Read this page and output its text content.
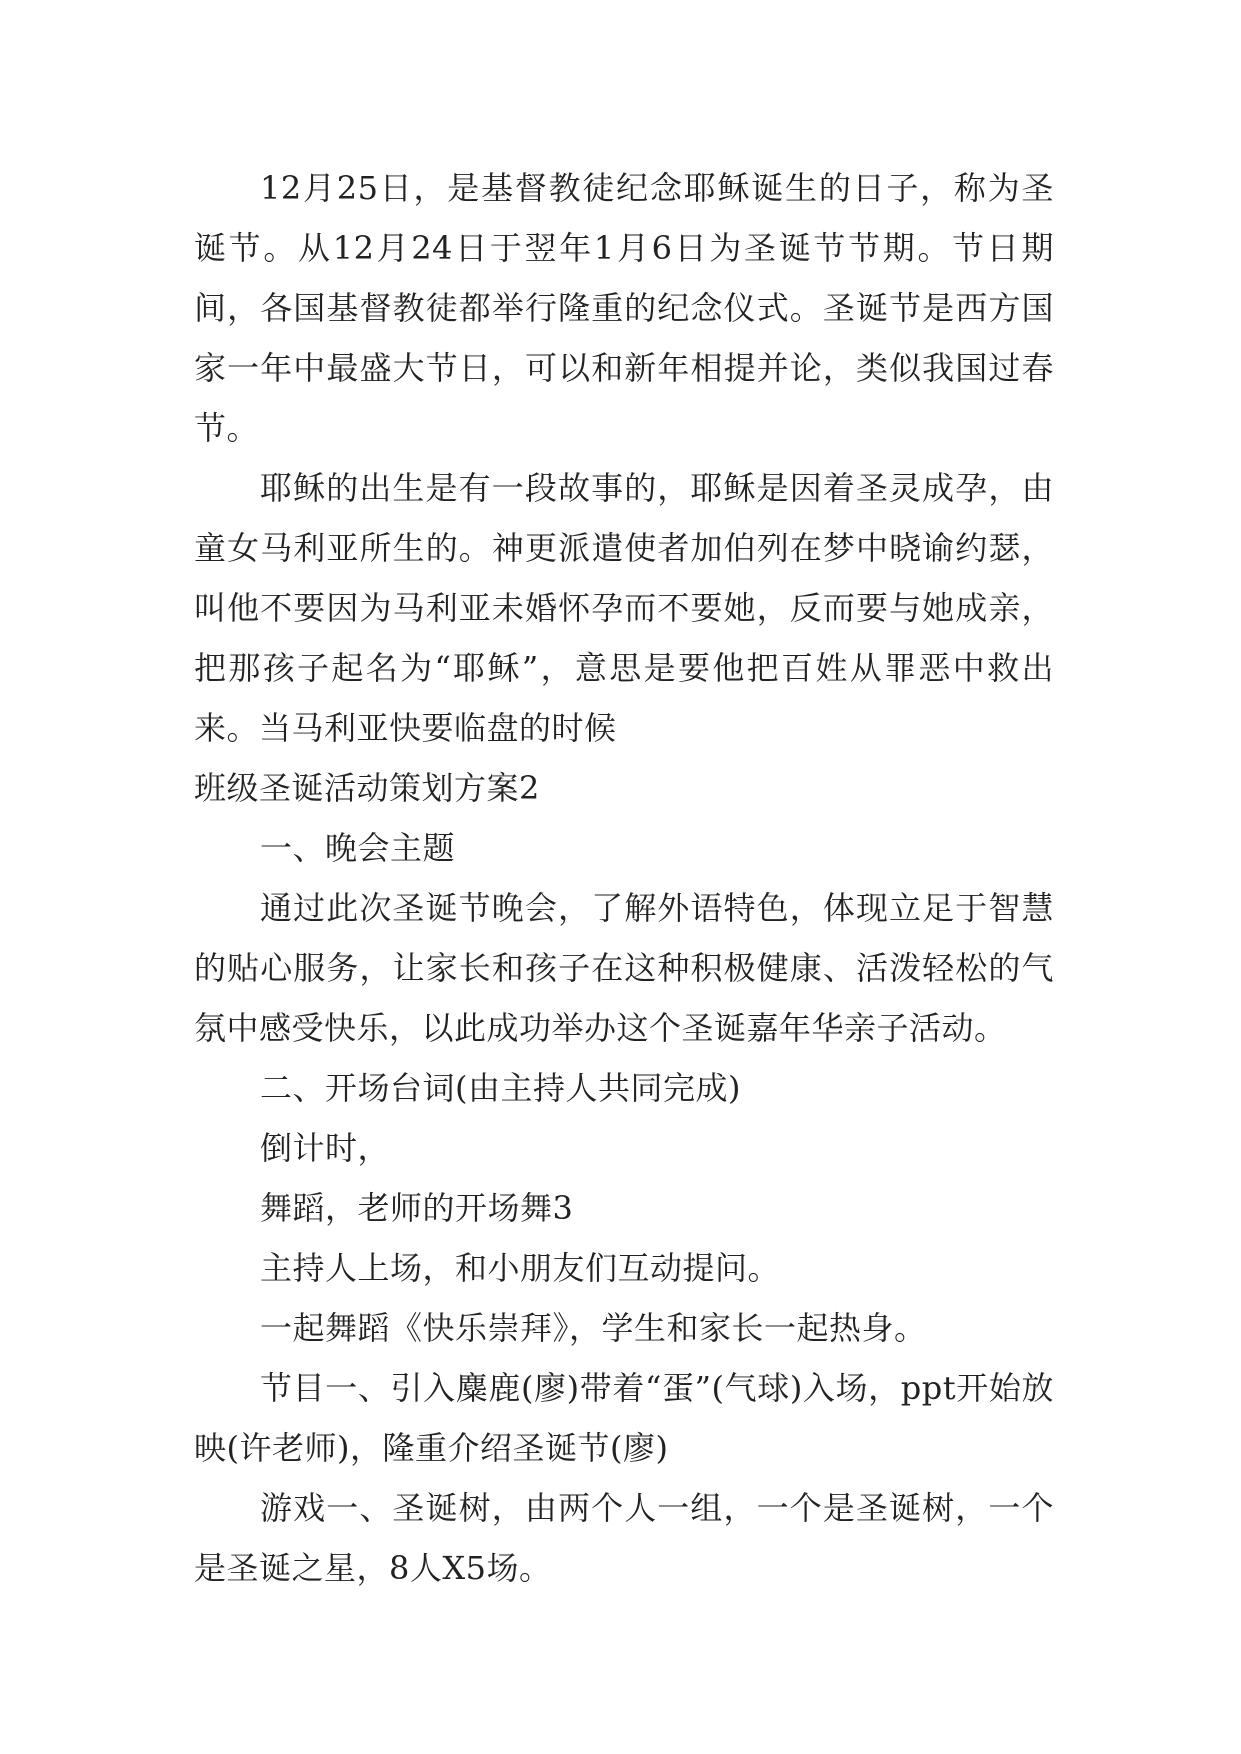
12月25日，是基督教徒纪念耶稣诞生的日子，称为圣诞节。从12月24日于翌年1月6日为圣诞节节期。节日期间，各国基督教徒都举行隆重的纪念仪式。圣诞节是西方国家一年中最盛大节日，可以和新年相提并论，类似我国过春节。

耶稣的出生是有一段故事的，耶稣是因着圣灵成孕，由童女马利亚所生的。神更派遣使者加伯列在梦中晓谕约瑟，叫他不要因为马利亚未婚怀孕而不要她，反而要与她成亲，把那孩子起名为“耶稣”，意思是要他把百姓从罪恶中救出来。当马利亚快要临盘的时候

班级圣诞活动策划方案2

一、晚会主题

通过此次圣诞节晚会，了解外语特色，体现立足于智慧的贴心服务，让家长和孩子在这种积极健康、活泼轻松的气氛中感受快乐，以此成功举办这个圣诞嘉年华亲子活动。

二、开场台词(由主持人共同完成)

倒计时，

舞蹈，老师的开场舞3

主持人上场，和小朋友们互动提问。

一起舞蹈《快乐崇拜》，学生和家长一起热身。

节目一、引入麋鹿(廖)带着“蛋”(气球)入场，ppt开始放映(许老师)，隆重介绍圣诞节(廖)

游戏一、圣诞树，由两个人一组，一个是圣诞树，一个是圣诞之星，8人X5场。
